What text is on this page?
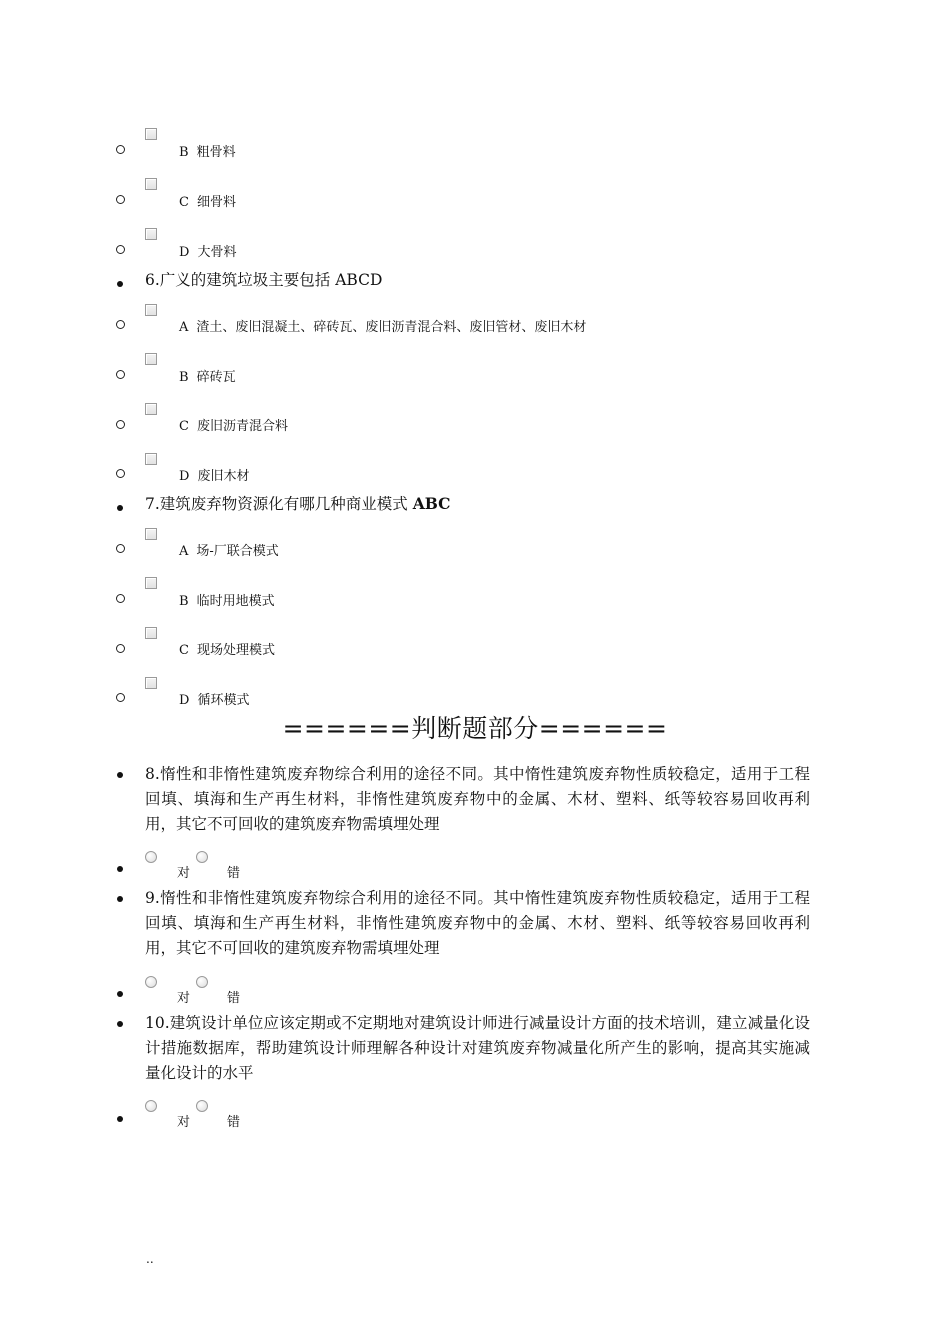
B 粗骨料
C 细骨料
D 大骨料
6.广义的建筑垃圾主要包括 ABCD
A 渣土、废旧混凝土、碎砖瓦、废旧沥青混合料、废旧管材、废旧木材
B 碎砖瓦
C 废旧沥青混合料
D 废旧木材
7.建筑废弃物资源化有哪几种商业模式 ABC
A 场-厂联合模式
B 临时用地模式
C 现场处理模式
D 循环模式
======判断题部分======
8.惰性和非惰性建筑废弃物综合利用的途径不同。其中惰性建筑废弃物性质较稳定，适用于工程回填、填海和生产再生材料，非惰性建筑废弃物中的金属、木材、塑料、纸等较容易回收再利用，其它不可回收的建筑废弃物需填埋处理
对	错
9.惰性和非惰性建筑废弃物综合利用的途径不同。其中惰性建筑废弃物性质较稳定，适用于工程回填、填海和生产再生材料，非惰性建筑废弃物中的金属、木材、塑料、纸等较容易回收再利用，其它不可回收的建筑废弃物需填埋处理
对	错
10.建筑设计单位应该定期或不定期地对建筑设计师进行减量设计方面的技术培训，建立减量化设计措施数据库，帮助建筑设计师理解各种设计对建筑废弃物减量化所产生的影响，提高其实施减量化设计的水平
对	错
..
